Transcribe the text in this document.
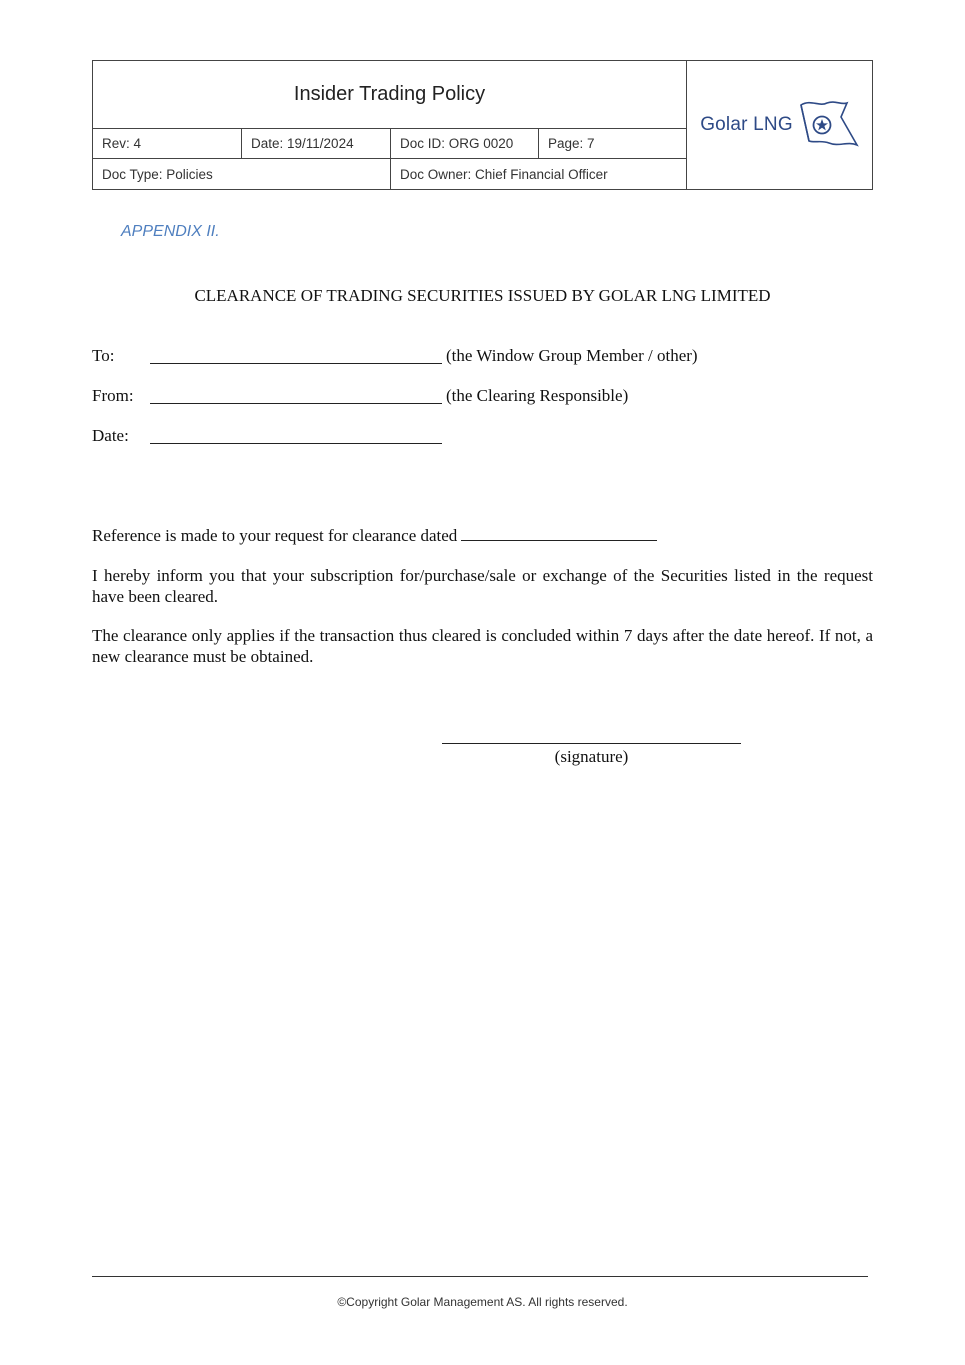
Insider Trading Policy
Golar LNG
Rev: 4	Date: 19/11/2024	Doc ID: ORG 0020	Page: 7
Doc Type: Policies	Doc Owner: Chief Financial Officer
APPENDIX II.
CLEARANCE OF TRADING SECURITIES ISSUED BY GOLAR LNG LIMITED
To:	(the Window Group Member / other)
From:	(the Clearing Responsible)
Date:
Reference is made to your request for clearance dated
I hereby inform you that your subscription for/purchase/sale or exchange of the Securities listed in the request have been cleared.
The clearance only applies if the transaction thus cleared is concluded within 7 days after the date hereof. If not, a new clearance must be obtained.
(signature)
©Copyright Golar Management AS. All rights reserved.
